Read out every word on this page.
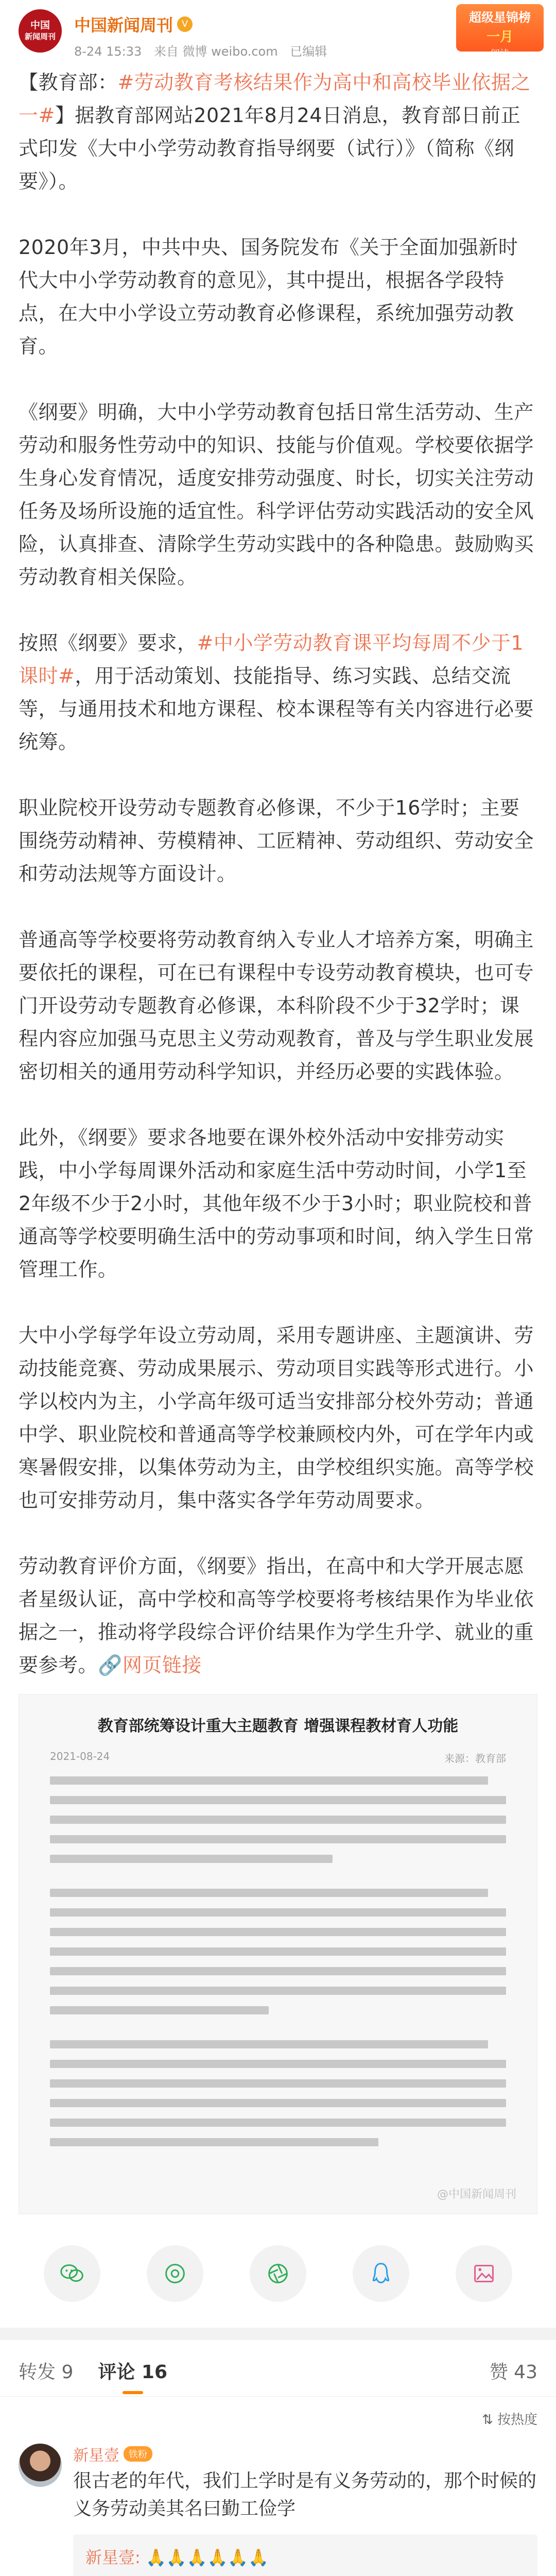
中国
新闻周刊
中国新闻周刊 V
8-24 15:33 来自 微博 weibo.com 已编辑
超级星锦榜
一月
阅读

【教育部：#劳动教育考核结果作为高中和高校毕业依据之一#】据教育部网站2021年8月24日消息，教育部日前正式印发《大中小学劳动教育指导纲要（试行）》（简称《纲要》）。

2020年3月，中共中央、国务院发布《关于全面加强新时代大中小学劳动教育的意见》，其中提出，根据各学段特点，在大中小学设立劳动教育必修课程，系统加强劳动教育。

《纲要》明确，大中小学劳动教育包括日常生活劳动、生产劳动和服务性劳动中的知识、技能与价值观。学校要依据学生身心发育情况，适度安排劳动强度、时长，切实关注劳动任务及场所设施的适宜性。科学评估劳动实践活动的安全风险，认真排查、清除学生劳动实践中的各种隐患。鼓励购买劳动教育相关保险。

按照《纲要》要求，#中小学劳动教育课平均每周不少于1课时#，用于活动策划、技能指导、练习实践、总结交流等，与通用技术和地方课程、校本课程等有关内容进行必要统筹。

职业院校开设劳动专题教育必修课，不少于16学时；主要围绕劳动精神、劳模精神、工匠精神、劳动组织、劳动安全和劳动法规等方面设计。

普通高等学校要将劳动教育纳入专业人才培养方案，明确主要依托的课程，可在已有课程中专设劳动教育模块，也可专门开设劳动专题教育必修课，本科阶段不少于32学时；课程内容应加强马克思主义劳动观教育，普及与学生职业发展密切相关的通用劳动科学知识，并经历必要的实践体验。

此外，《纲要》要求各地要在课外校外活动中安排劳动实践，中小学每周课外活动和家庭生活中劳动时间，小学1至2年级不少于2小时，其他年级不少于3小时；职业院校和普通高等学校要明确生活中的劳动事项和时间，纳入学生日常管理工作。

大中小学每学年设立劳动周，采用专题讲座、主题演讲、劳动技能竞赛、劳动成果展示、劳动项目实践等形式进行。小学以校内为主，小学高年级可适当安排部分校外劳动；普通中学、职业院校和普通高等学校兼顾校内外，可在学年内或寒暑假安排，以集体劳动为主，由学校组织实施。高等学校也可安排劳动月，集中落实各学年劳动周要求。

劳动教育评价方面，《纲要》指出，在高中和大学开展志愿者星级认证，高中学校和高等学校要将考核结果作为毕业依据之一，推动将学段综合评价结果作为学生升学、就业的重要参考。🔗网页链接

教育部统筹设计重大主题教育 增强课程教材育人功能
2021-08-24	来源：教育部
@中国新闻周刊
转发 9 评论 16	赞 43
⇅ 按热度
新星壹	铁粉
很古老的年代，我们上学时是有义务劳动的，那个时候的义务劳动美其名曰勤工俭学
新星壹: 🙏🙏🙏🙏🙏🙏
